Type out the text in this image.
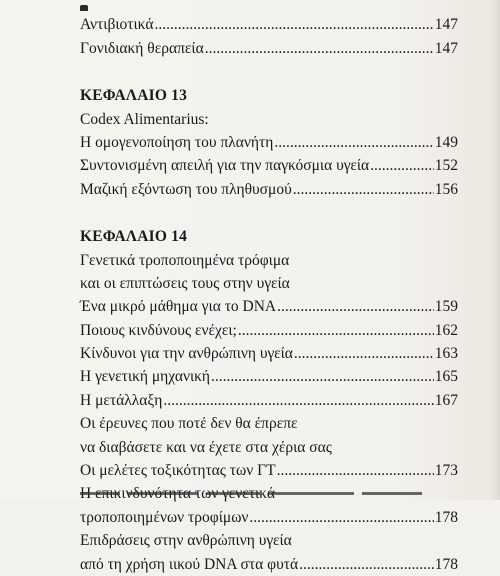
Αντιβιοτικά .....	147
Γονιδιακή θεραπεία .....	147
ΚΕΦΑΛΑΙΟ 13
Codex Alimentarius:
Η ομογενοποίηση του πλανήτη .....	149
Συντονισμένη απειλή για την παγκόσμια υγεία .....	152
Μαζική εξόντωση του πληθυσμού .....	156
ΚΕΦΑΛΑΙΟ 14
Γενετικά τροποποιημένα τρόφιμα
και οι επιπτώσεις τους στην υγεία
Ένα μικρό μάθημα για το DNA .....	159
Ποιους κινδύνους ενέχει; .....	162
Κίνδυνοι για την ανθρώπινη υγεία .....	163
Η γενετική μηχανική .....	165
Η μετάλλαξη .....	167
Οι έρευνες που ποτέ δεν θα έπρεπε
να διαβάσετε και να έχετε στα χέρια σας
Οι μελέτες τοξικότητας των ΓΤ .....	173
τροποποιημένων τροφίμων .....	178
Επιδράσεις στην ανθρώπινη υγεία
από τη χρήση ιικού DNA στα φυτά .....	178
